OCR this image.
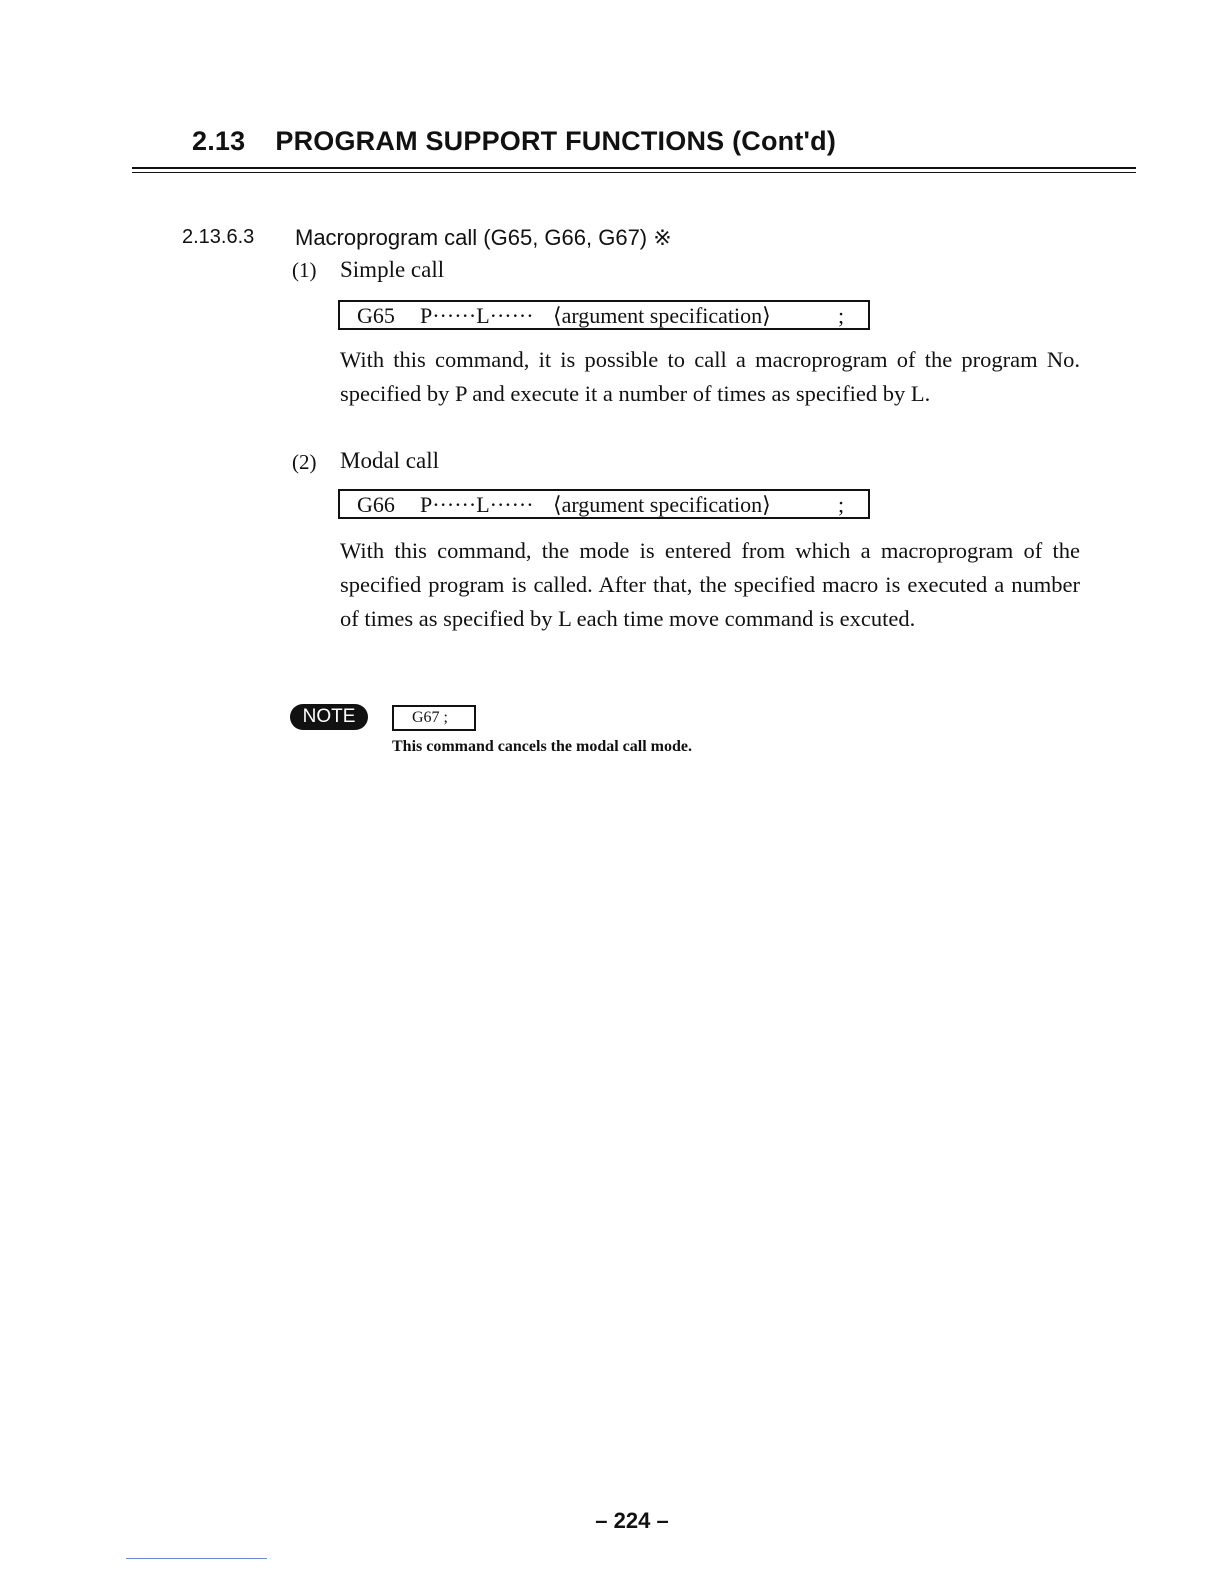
2.13 PROGRAM SUPPORT FUNCTIONS (Cont'd)
2.13.6.3 Macroprogram call (G65, G66, G67) ※
(1) Simple call
G65 P······L······ ⟨argument specification⟩	;
With this command, it is possible to call a macroprogram of the program No. specified by P and execute it a number of times as specified by L.
(2) Modal call
G66 P······L······ ⟨argument specification⟩	;
With this command, the mode is entered from which a macroprogram of the specified program is called. After that, the specified macro is executed a number of times as specified by L each time move command is excuted.
NOTE	G67 ;
This command cancels the modal call mode.
– 224 –
